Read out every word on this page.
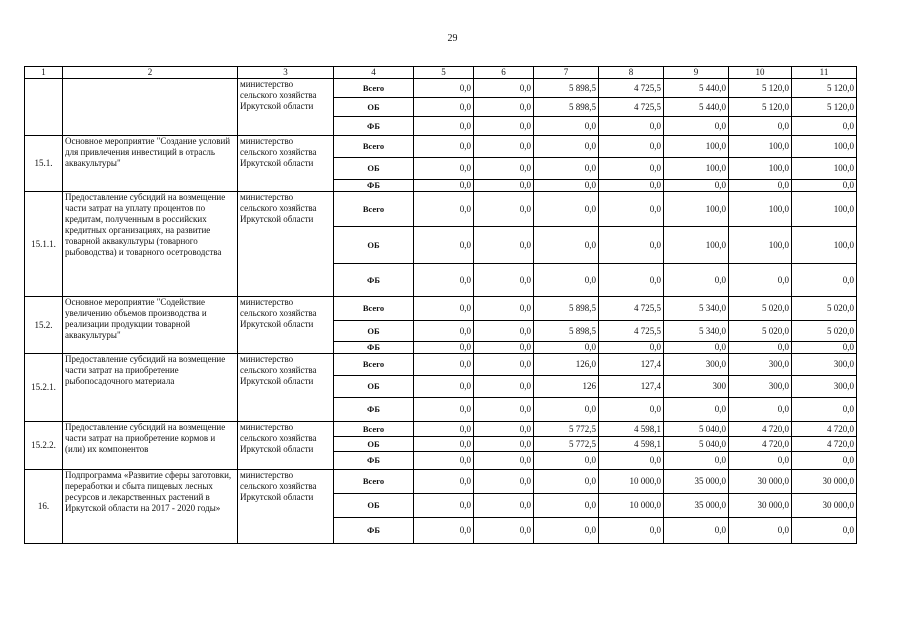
29
1	2	3	4	5	6	7	8	9	10	11
		министерство сельского хозяйства Иркутской области	Всего	0,0	0,0	5 898,5	4 725,5	5 440,0	5 120,0	5 120,0
			ОБ	0,0	0,0	5 898,5	4 725,5	5 440,0	5 120,0	5 120,0
			ФБ	0,0	0,0	0,0	0,0	0,0	0,0	0,0
15.1.	Основное мероприятие "Создание условий для привлечения инвестиций в отрасль аквакультуры"	министерство сельского хозяйства Иркутской области	Всего	0,0	0,0	0,0	0,0	100,0	100,0	100,0
			ОБ	0,0	0,0	0,0	0,0	100,0	100,0	100,0
			ФБ	0,0	0,0	0,0	0,0	0,0	0,0	0,0
15.1.1.	Предоставление субсидий на возмещение части затрат на уплату процентов по кредитам, полученным в российских кредитных организациях, на развитие товарной аквакультуры (товарного рыбоводства) и товарного осетроводства	министерство сельского хозяйства Иркутской области	Всего	0,0	0,0	0,0	0,0	100,0	100,0	100,0
			ОБ	0,0	0,0	0,0	0,0	100,0	100,0	100,0
			ФБ	0,0	0,0	0,0	0,0	0,0	0,0	0,0
15.2.	Основное мероприятие "Содействие увеличению объемов производства и реализации продукции товарной аквакультуры"	министерство сельского хозяйства Иркутской области	Всего	0,0	0,0	5 898,5	4 725,5	5 340,0	5 020,0	5 020,0
			ОБ	0,0	0,0	5 898,5	4 725,5	5 340,0	5 020,0	5 020,0
			ФБ	0,0	0,0	0,0	0,0	0,0	0,0	0,0
15.2.1.	Предоставление субсидий на возмещение части затрат на приобретение рыбопосадочного материала	министерство сельского хозяйства Иркутской области	Всего	0,0	0,0	126,0	127,4	300,0	300,0	300,0
			ОБ	0,0	0,0	126	127,4	300	300,0	300,0
			ФБ	0,0	0,0	0,0	0,0	0,0	0,0	0,0
15.2.2.	Предоставление субсидий на возмещение части затрат на приобретение кормов и (или) их компонентов	министерство сельского хозяйства Иркутской области	Всего	0,0	0,0	5 772,5	4 598,1	5 040,0	4 720,0	4 720,0
			ОБ	0,0	0,0	5 772,5	4 598,1	5 040,0	4 720,0	4 720,0
			ФБ	0,0	0,0	0,0	0,0	0,0	0,0	0,0
16.	Подпрограмма «Развитие сферы заготовки, переработки и сбыта пищевых лесных ресурсов и лекарственных растений в Иркутской области на 2017 - 2020 годы»	министерство сельского хозяйства Иркутской области	Всего	0,0	0,0	0,0	10 000,0	35 000,0	30 000,0	30 000,0
			ОБ	0,0	0,0	0,0	10 000,0	35 000,0	30 000,0	30 000,0
			ФБ	0,0	0,0	0,0	0,0	0,0	0,0	0,0
